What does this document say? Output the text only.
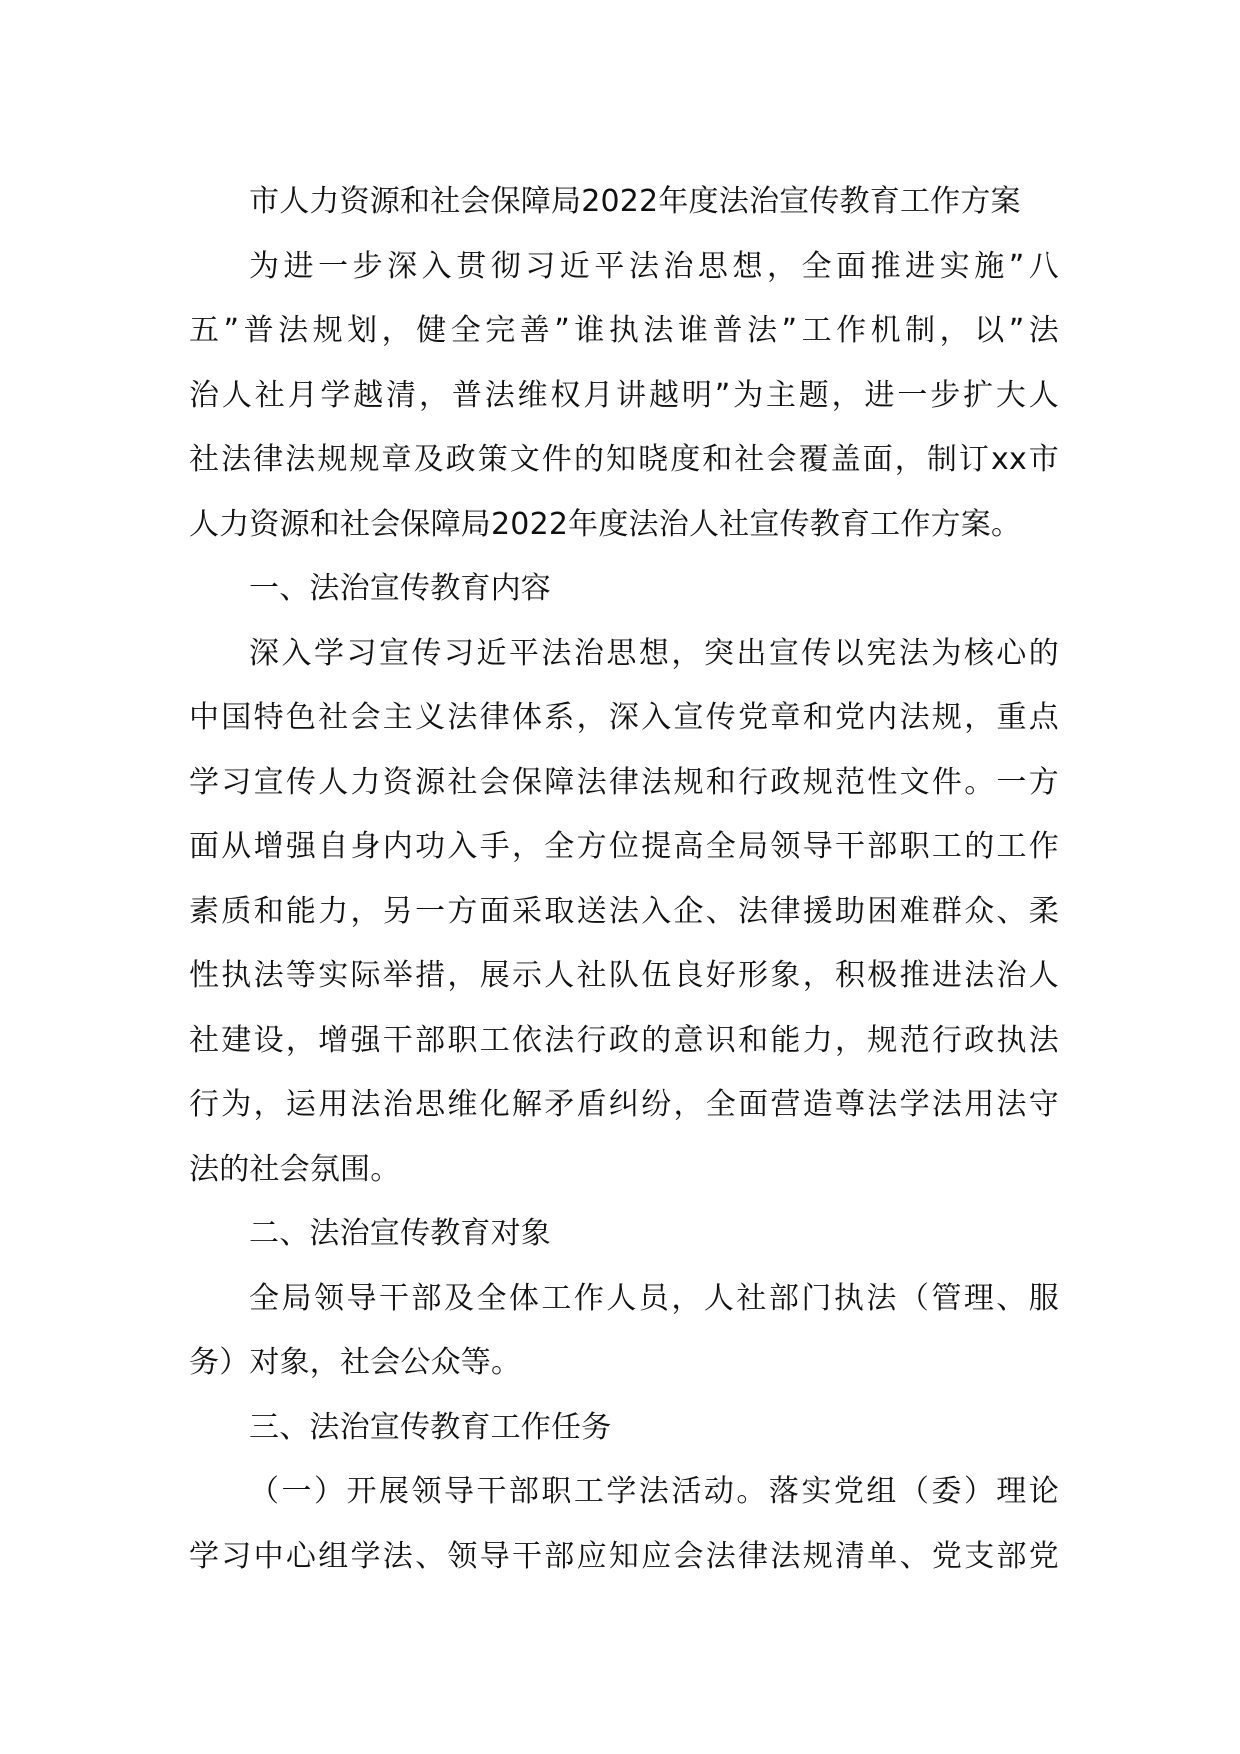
市人力资源和社会保障局2022年度法治宣传教育工作方案
为进一步深入贯彻习近平法治思想，全面推进实施”八
五”普法规划，健全完善”谁执法谁普法”工作机制，以”法
治人社月学越清，普法维权月讲越明”为主题，进一步扩大人
社法律法规规章及政策文件的知晓度和社会覆盖面，制订xx市
人力资源和社会保障局2022年度法治人社宣传教育工作方案。
一、法治宣传教育内容
深入学习宣传习近平法治思想，突出宣传以宪法为核心的
中国特色社会主义法律体系，深入宣传党章和党内法规，重点
学习宣传人力资源社会保障法律法规和行政规范性文件。一方
面从增强自身内功入手，全方位提高全局领导干部职工的工作
素质和能力，另一方面采取送法入企、法律援助困难群众、柔
性执法等实际举措，展示人社队伍良好形象，积极推进法治人
社建设，增强干部职工依法行政的意识和能力，规范行政执法
行为，运用法治思维化解矛盾纠纷，全面营造尊法学法用法守
法的社会氛围。
二、法治宣传教育对象
全局领导干部及全体工作人员，人社部门执法（管理、服
务）对象，社会公众等。
三、法治宣传教育工作任务
（一）开展领导干部职工学法活动。落实党组（委）理论
学习中心组学法、领导干部应知应会法律法规清单、党支部党
